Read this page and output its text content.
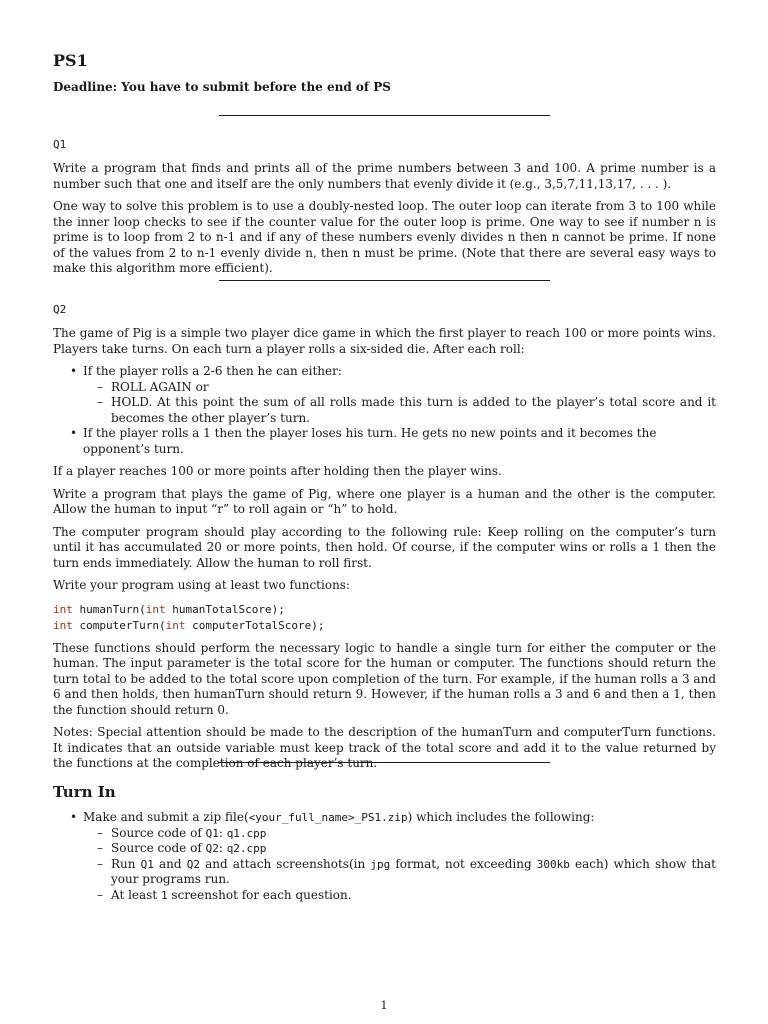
PS1

Deadline: You have to submit before the end of PS

Q1

Write a program that finds and prints all of the prime numbers between 3 and 100. A prime number is a number such that one and itself are the only numbers that evenly divide it (e.g., 3,5,7,11,13,17, . . . ).

One way to solve this problem is to use a doubly-nested loop. The outer loop can iterate from 3 to 100 while the inner loop checks to see if the counter value for the outer loop is prime. One way to see if number n is prime is to loop from 2 to n-1 and if any of these numbers evenly divides n then n cannot be prime. If none of the values from 2 to n-1 evenly divide n, then n must be prime. (Note that there are several easy ways to make this algorithm more efficient).

Q2

The game of Pig is a simple two player dice game in which the first player to reach 100 or more points wins. Players take turns. On each turn a player rolls a six-sided die. After each roll:

• If the player rolls a 2-6 then he can either:
– ROLL AGAIN or
– HOLD. At this point the sum of all rolls made this turn is added to the player’s total score and it becomes the other player’s turn.
• If the player rolls a 1 then the player loses his turn. He gets no new points and it becomes the opponent’s turn.

If a player reaches 100 or more points after holding then the player wins.

Write a program that plays the game of Pig, where one player is a human and the other is the computer. Allow the human to input “r” to roll again or “h” to hold.

The computer program should play according to the following rule: Keep rolling on the computer’s turn until it has accumulated 20 or more points, then hold. Of course, if the computer wins or rolls a 1 then the turn ends immediately. Allow the human to roll first.

Write your program using at least two functions:

int humanTurn(int humanTotalScore);
int computerTurn(int computerTotalScore);

These functions should perform the necessary logic to handle a single turn for either the computer or the human. The input parameter is the total score for the human or computer. The functions should return the turn total to be added to the total score upon completion of the turn. For example, if the human rolls a 3 and 6 and then holds, then humanTurn should return 9. However, if the human rolls a 3 and 6 and then a 1, then the function should return 0.

Notes: Special attention should be made to the description of the humanTurn and computerTurn functions. It indicates that an outside variable must keep track of the total score and add it to the value returned by the functions at the completion of each player’s turn.

Turn In
• Make and submit a zip file(<your_full_name>_PS1.zip) which includes the following:
– Source code of Q1: q1.cpp
– Source code of Q2: q2.cpp
– Run Q1 and Q2 and attach screenshots(in jpg format, not exceeding 300kb each) which show that your programs run.
– At least 1 screenshot for each question.
1
